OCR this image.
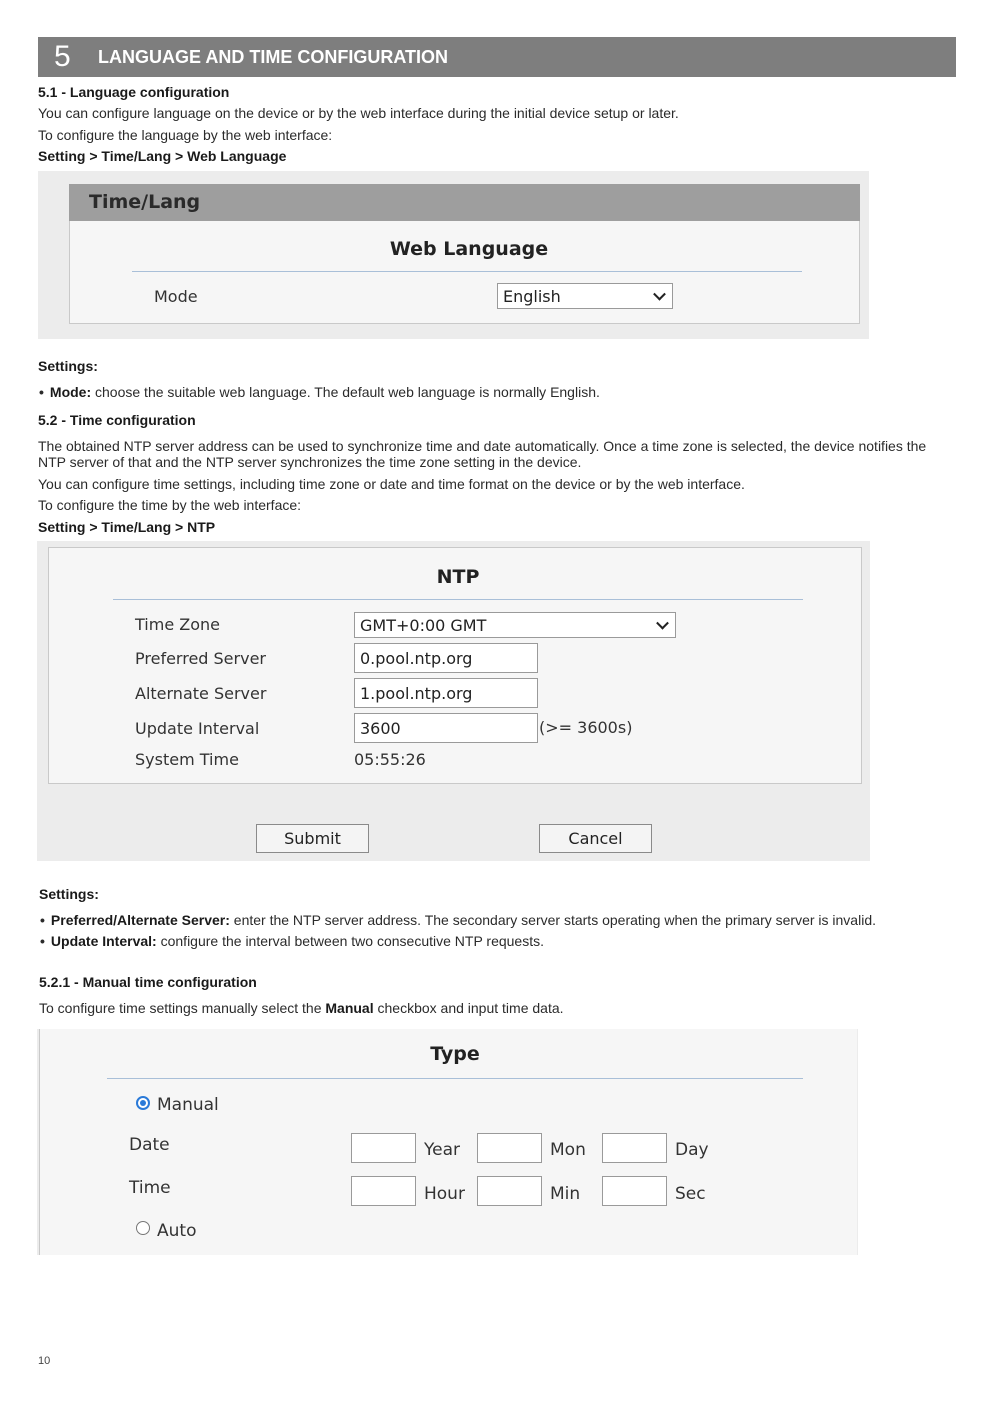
5	LANGUAGE AND TIME CONFIGURATION
5.1 - Language configuration
You can configure language on the device or by the web interface during the initial device setup or later.
To configure the language by the web interface:
Setting > Time/Lang > Web Language
Time/Lang
Web Language
Mode	English
Settings:
• Mode: choose the suitable web language. The default web language is normally English.
5.2 - Time configuration
The obtained NTP server address can be used to synchronize time and date automatically. Once a time zone is selected, the device notifies the NTP server of that and the NTP server synchronizes the time zone setting in the device.
You can configure time settings, including time zone or date and time format on the device or by the web interface.
To configure the time by the web interface:
Setting > Time/Lang > NTP
NTP
Time Zone	GMT+0:00 GMT
Preferred Server	0.pool.ntp.org
Alternate Server	1.pool.ntp.org
Update Interval	3600	(>= 3600s)
System Time	05:55:26
Submit	Cancel
Settings:
• Preferred/Alternate Server: enter the NTP server address. The secondary server starts operating when the primary server is invalid.
• Update Interval: configure the interval between two consecutive NTP requests.
5.2.1 - Manual time configuration
To configure time settings manually select the Manual checkbox and input time data.
Type
Manual
Date	Year	Mon	Day
Time	Hour	Min	Sec
Auto
10
